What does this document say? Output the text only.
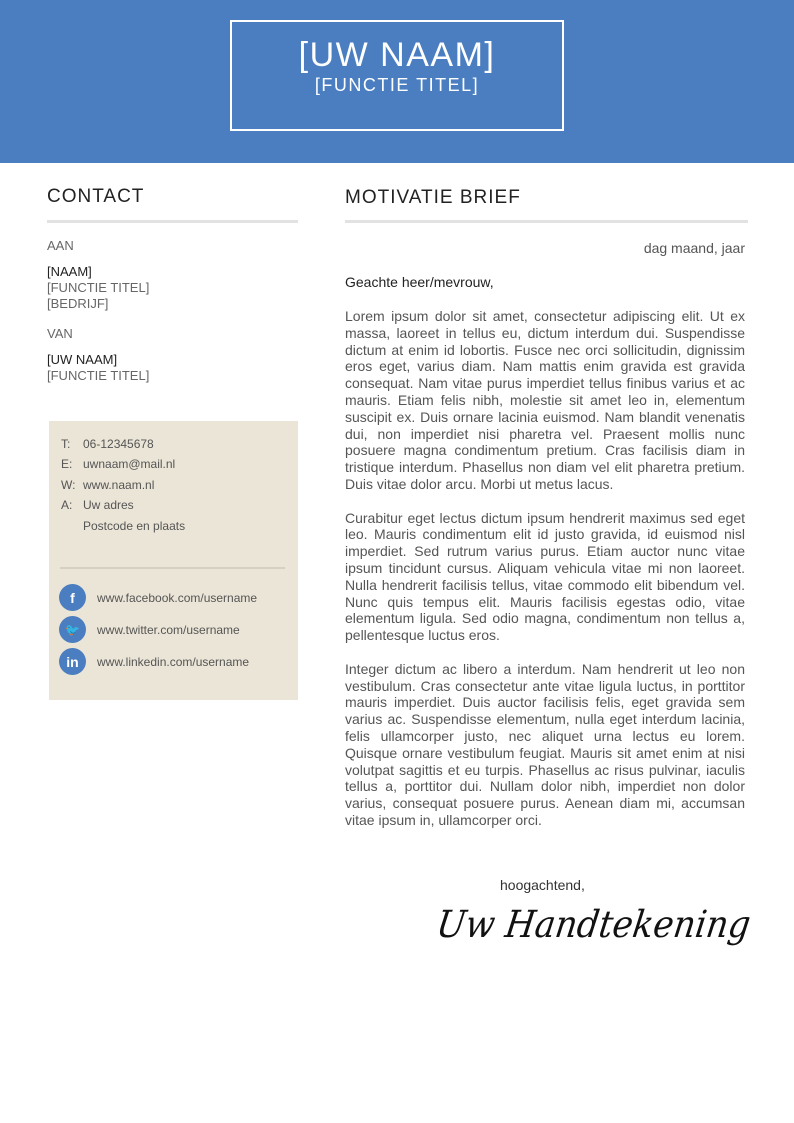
[UW NAAM]
[FUNCTIE TITEL]
CONTACT	MOTIVATIE BRIEF

AAN

[NAAM]

[FUNCTIE TITEL]

[BEDRIJF]

VAN

[UW NAAM]

[FUNCTIE TITEL]

T: 06-12345678
E: uwnaam@mail.nl
W: www.naam.nl
A: Uw adres
Postcode en plaats
f	www.facebook.com/username
🐦	www.twitter.com/username
in	www.linkedin.com/username
dag maand, jaar
Geachte heer/mevrouw,

Lorem ipsum dolor sit amet, consectetur adipiscing elit. Ut ex massa, laoreet in tellus eu, dictum interdum dui. Suspendisse dictum at enim id lobortis. Fusce nec orci sollicitudin, dignissim eros eget, varius diam. Nam mattis enim gravida est gravida consequat. Nam vitae purus imperdiet tellus finibus varius et ac mauris. Etiam felis nibh, molestie sit amet leo in, elementum suscipit ex. Duis ornare lacinia euismod. Nam blandit venenatis dui, non imperdiet nisi pharetra vel. Praesent mollis nunc posuere magna condimentum pretium. Cras facilisis diam in tristique interdum. Phasellus non diam vel elit pharetra pretium. Duis vitae dolor arcu. Morbi ut metus lacus.

Curabitur eget lectus dictum ipsum hendrerit maximus sed eget leo. Mauris condimentum elit id justo gravida, id euismod nisl imperdiet. Sed rutrum varius purus. Etiam auctor nunc vitae ipsum tincidunt cursus. Aliquam vehicula vitae mi non laoreet. Nulla hendrerit facilisis tellus, vitae commodo elit bibendum vel. Nunc quis tempus elit. Mauris facilisis egestas odio, vitae elementum ligula. Sed odio magna, condimentum non tellus a, pellentesque luctus eros.

Integer dictum ac libero a interdum. Nam hendrerit ut leo non vestibulum. Cras consectetur ante vitae ligula luctus, in porttitor mauris imperdiet. Duis auctor facilisis felis, eget gravida sem varius ac. Suspendisse elementum, nulla eget interdum lacinia, felis ullamcorper justo, nec aliquet urna lectus eu lorem. Quisque ornare vestibulum feugiat. Mauris sit amet enim at nisi volutpat sagittis et eu turpis. Phasellus ac risus pulvinar, iaculis tellus a, porttitor dui. Nullam dolor nibh, imperdiet non dolor varius, consequat posuere purus. Aenean diam mi, accumsan vitae ipsum in, ullamcorper orci.

hoogachtend,
Uw Handtekening
